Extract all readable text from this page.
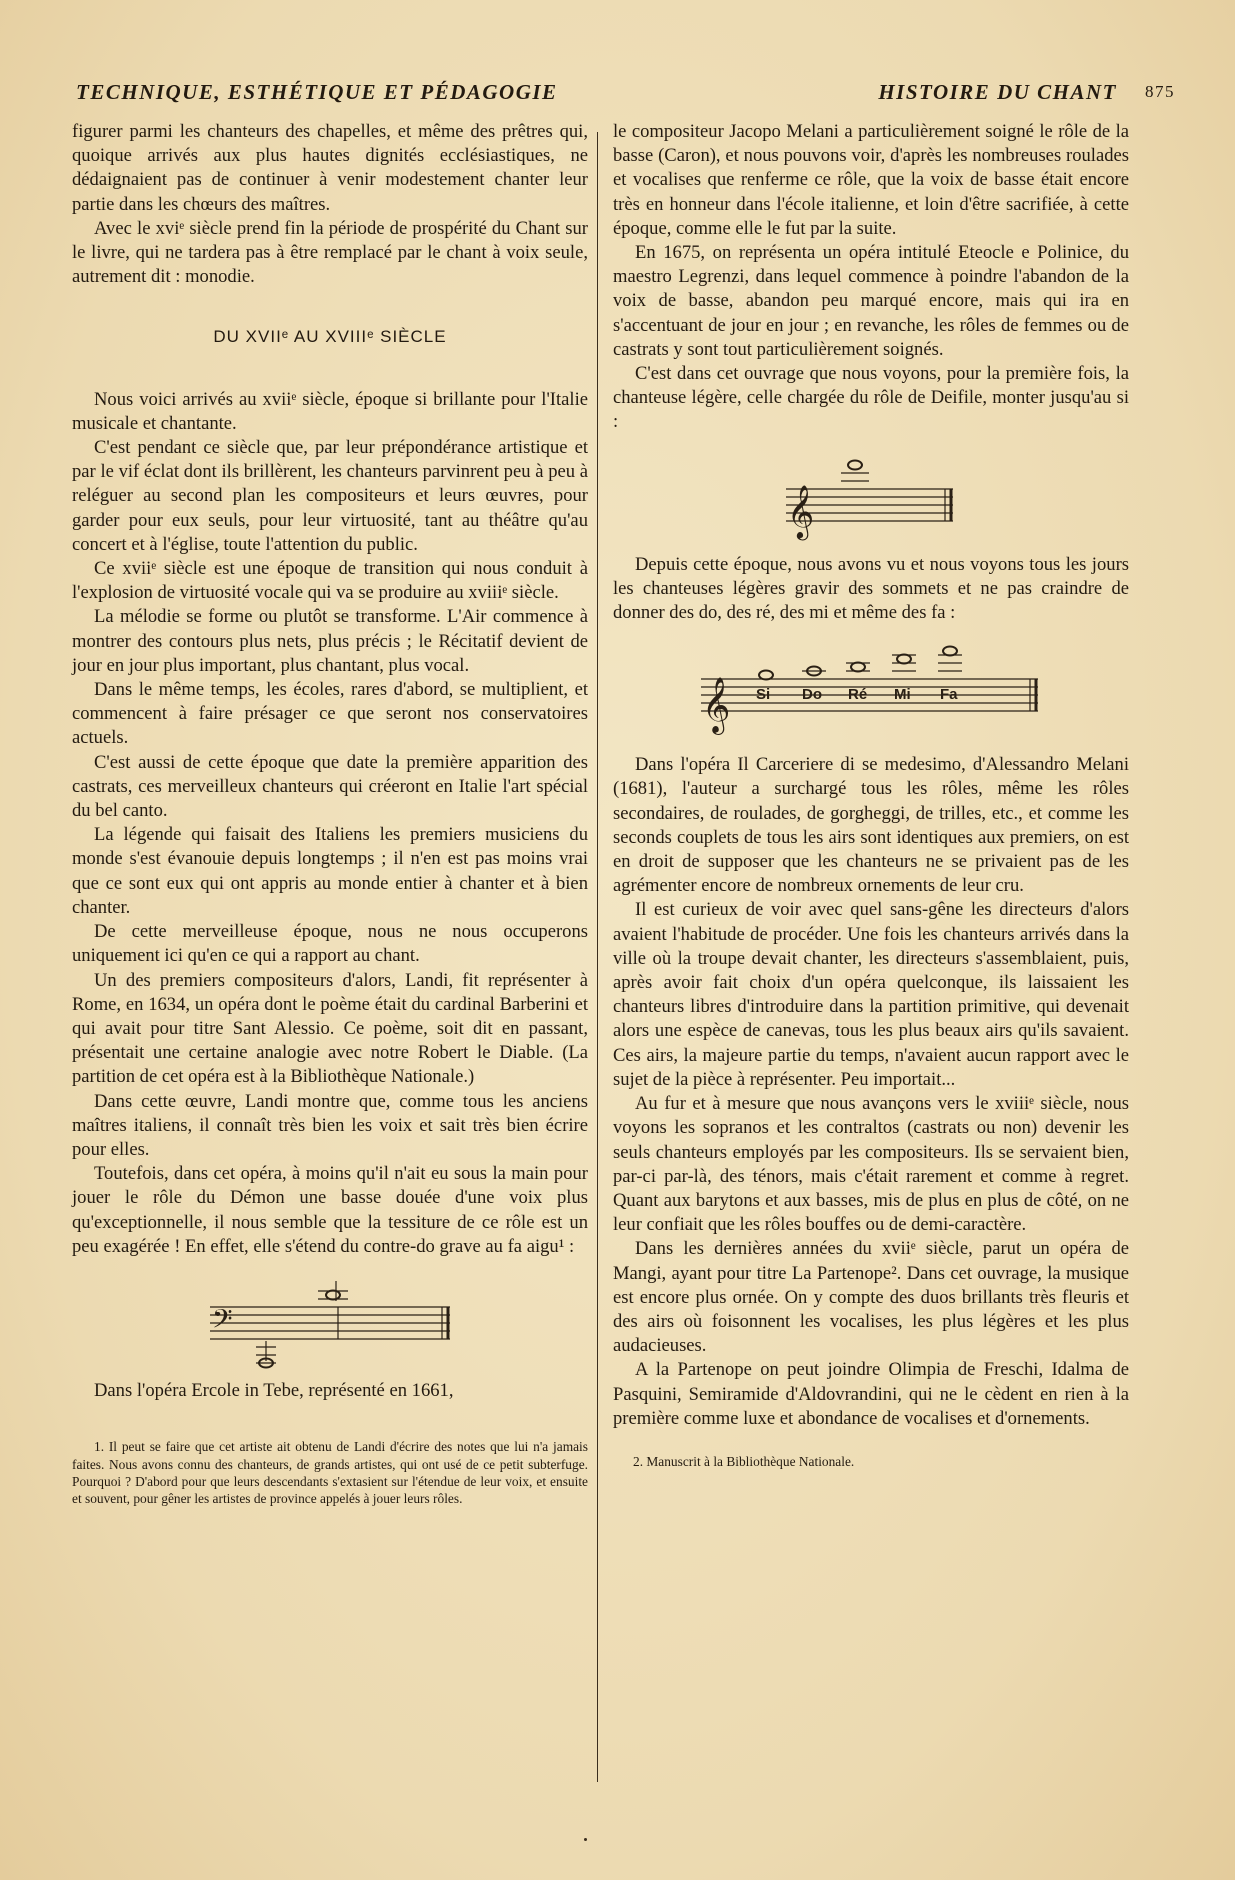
TECHNIQUE, ESTHÉTIQUE ET PÉDAGOGIE	HISTOIRE DU CHANT 875

figurer parmi les chanteurs des chapelles, et même des prêtres qui, quoique arrivés aux plus hautes dignités ecclésiastiques, ne dédaignaient pas de continuer à venir modestement chanter leur partie dans les chœurs des maîtres.

Avec le xviᵉ siècle prend fin la période de prospérité du Chant sur le livre, qui ne tardera pas à être remplacé par le chant à voix seule, autrement dit : monodie.

DU XVIIᵉ AU XVIIIᵉ SIÈCLE

Nous voici arrivés au xviiᵉ siècle, époque si brillante pour l'Italie musicale et chantante.

C'est pendant ce siècle que, par leur prépondérance artistique et par le vif éclat dont ils brillèrent, les chanteurs parvinrent peu à peu à reléguer au second plan les compositeurs et leurs œuvres, pour garder pour eux seuls, pour leur virtuosité, tant au théâtre qu'au concert et à l'église, toute l'attention du public.

Ce xviiᵉ siècle est une époque de transition qui nous conduit à l'explosion de virtuosité vocale qui va se produire au xviiiᵉ siècle.

La mélodie se forme ou plutôt se transforme. L'Air commence à montrer des contours plus nets, plus précis ; le Récitatif devient de jour en jour plus important, plus chantant, plus vocal.

Dans le même temps, les écoles, rares d'abord, se multiplient, et commencent à faire présager ce que seront nos conservatoires actuels.

C'est aussi de cette époque que date la première apparition des castrats, ces merveilleux chanteurs qui créeront en Italie l'art spécial du bel canto.

La légende qui faisait des Italiens les premiers musiciens du monde s'est évanouie depuis longtemps ; il n'en est pas moins vrai que ce sont eux qui ont appris au monde entier à chanter et à bien chanter.

De cette merveilleuse époque, nous ne nous occuperons uniquement ici qu'en ce qui a rapport au chant.

Un des premiers compositeurs d'alors, Landi, fit représenter à Rome, en 1634, un opéra dont le poème était du cardinal Barberini et qui avait pour titre Sant Alessio. Ce poème, soit dit en passant, présentait une certaine analogie avec notre Robert le Diable. (La partition de cet opéra est à la Bibliothèque Nationale.)

Dans cette œuvre, Landi montre que, comme tous les anciens maîtres italiens, il connaît très bien les voix et sait très bien écrire pour elles.

Toutefois, dans cet opéra, à moins qu'il n'ait eu sous la main pour jouer le rôle du Démon une basse douée d'une voix plus qu'exceptionnelle, il nous semble que la tessiture de ce rôle est un peu exagérée ! En effet, elle s'étend du contre-do grave au fa aigu¹ :

𝄢

Dans l'opéra Ercole in Tebe, représenté en 1661,

1. Il peut se faire que cet artiste ait obtenu de Landi d'écrire des notes que lui n'a jamais faites. Nous avons connu des chanteurs, de grands artistes, qui ont usé de ce petit subterfuge. Pourquoi ? D'abord pour que leurs descendants s'extasient sur l'étendue de leur voix, et ensuite et souvent, pour gêner les artistes de province appelés à jouer leurs rôles.

le compositeur Jacopo Melani a particulièrement soigné le rôle de la basse (Caron), et nous pouvons voir, d'après les nombreuses roulades et vocalises que renferme ce rôle, que la voix de basse était encore très en honneur dans l'école italienne, et loin d'être sacrifiée, à cette époque, comme elle le fut par la suite.

En 1675, on représenta un opéra intitulé Eteocle e Polinice, du maestro Legrenzi, dans lequel commence à poindre l'abandon de la voix de basse, abandon peu marqué encore, mais qui ira en s'accentuant de jour en jour ; en revanche, les rôles de femmes ou de castrats y sont tout particulièrement soignés.

C'est dans cet ouvrage que nous voyons, pour la première fois, la chanteuse légère, celle chargée du rôle de Deifile, monter jusqu'au si :

𝄞

Depuis cette époque, nous avons vu et nous voyons tous les jours les chanteuses légères gravir des sommets et ne pas craindre de donner des do, des ré, des mi et même des fa :

𝄞 Si Do Ré Mi Fa

Dans l'opéra Il Carceriere di se medesimo, d'Alessandro Melani (1681), l'auteur a surchargé tous les rôles, même les rôles secondaires, de roulades, de gorgheggi, de trilles, etc., et comme les seconds couplets de tous les airs sont identiques aux premiers, on est en droit de supposer que les chanteurs ne se privaient pas de les agrémenter encore de nombreux ornements de leur cru.

Il est curieux de voir avec quel sans-gêne les directeurs d'alors avaient l'habitude de procéder. Une fois les chanteurs arrivés dans la ville où la troupe devait chanter, les directeurs s'assemblaient, puis, après avoir fait choix d'un opéra quelconque, ils laissaient les chanteurs libres d'introduire dans la partition primitive, qui devenait alors une espèce de canevas, tous les plus beaux airs qu'ils savaient. Ces airs, la majeure partie du temps, n'avaient aucun rapport avec le sujet de la pièce à représenter. Peu importait...

Au fur et à mesure que nous avançons vers le xviiiᵉ siècle, nous voyons les sopranos et les contraltos (castrats ou non) devenir les seuls chanteurs employés par les compositeurs. Ils se servaient bien, par-ci par-là, des ténors, mais c'était rarement et comme à regret. Quant aux barytons et aux basses, mis de plus en plus de côté, on ne leur confiait que les rôles bouffes ou de demi-caractère.

Dans les dernières années du xviiᵉ siècle, parut un opéra de Mangi, ayant pour titre La Partenope². Dans cet ouvrage, la musique est encore plus ornée. On y compte des duos brillants très fleuris et des airs où foisonnent les vocalises, les plus légères et les plus audacieuses.

A la Partenope on peut joindre Olimpia de Freschi, Idalma de Pasquini, Semiramide d'Aldovrandini, qui ne le cèdent en rien à la première comme luxe et abondance de vocalises et d'ornements.

2. Manuscrit à la Bibliothèque Nationale.
